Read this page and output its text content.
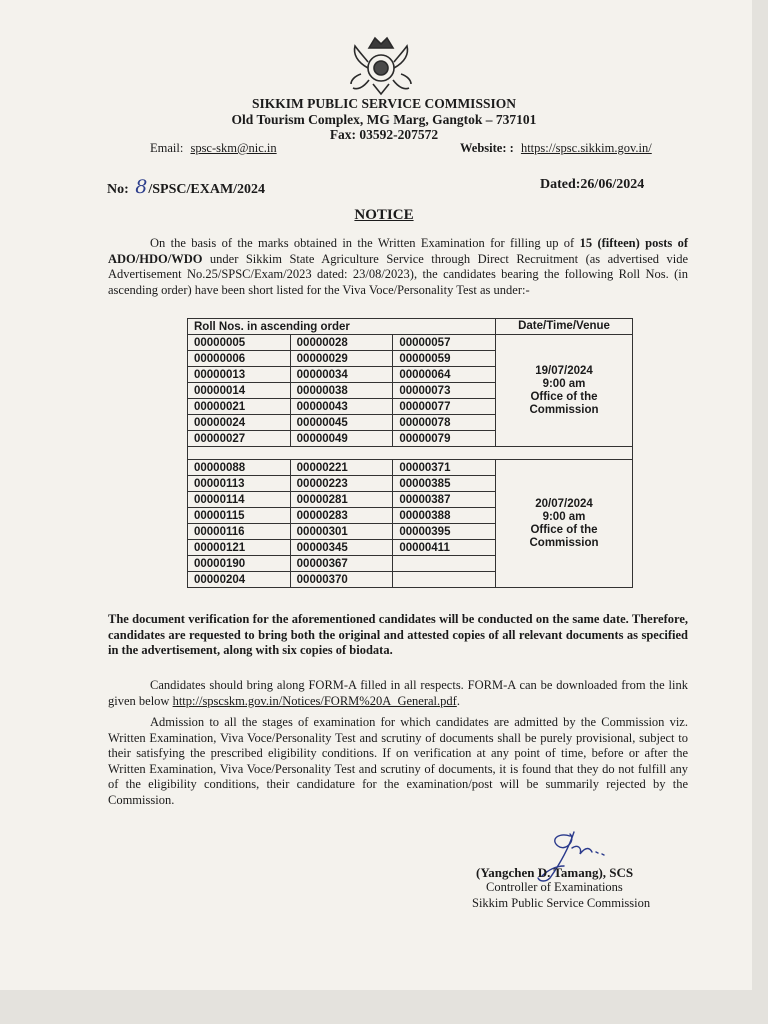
SIKKIM PUBLIC SERVICE COMMISSION
Old Tourism Complex, MG Marg, Gangtok – 737101
Fax: 03592-207572
Email: spsc-skm@nic.in	Website: : https://spsc.sikkim.gov.in/
No: 8/SPSC/EXAM/2024	Dated:26/06/2024
NOTICE
On the basis of the marks obtained in the Written Examination for filling up of 15 (fifteen) posts of ADO/HDO/WDO under Sikkim State Agriculture Service through Direct Recruitment (as advertised vide Advertisement No.25/SPSC/Exam/2023 dated: 23/08/2023), the candidates bearing the following Roll Nos. (in ascending order) have been short listed for the Viva Voce/Personality Test as under:-
Roll Nos. in ascending order			Date/Time/Venue
00000005	00000028	00000057	19/07/2024
9:00 am
Office of the Commission

00000006	00000029	00000059	
00000013	00000034	00000064	
00000014	00000038	00000073	
00000021	00000043	00000077	
00000024	00000045	00000078	
00000027	00000049	00000079	

00000088	00000221	00000371	20/07/2024
9:00 am
Office of the Commission

00000113	00000223	00000385	
00000114	00000281	00000387	
00000115	00000283	00000388	
00000116	00000301	00000395	
00000121	00000345	00000411	
00000190	00000367		
00000204	00000370		
The document verification for the aforementioned candidates will be conducted on the same date. Therefore, candidates are requested to bring both the original and attested copies of all relevant documents as specified in the advertisement, along with six copies of biodata.
Candidates should bring along FORM-A filled in all respects. FORM-A can be downloaded from the link given below http://spscskm.gov.in/Notices/FORM%20A_General.pdf.
Admission to all the stages of examination for which candidates are admitted by the Commission viz. Written Examination, Viva Voce/Personality Test and scrutiny of documents shall be purely provisional, subject to their satisfying the prescribed eligibility conditions. If on verification at any point of time, before or after the Written Examination, Viva Voce/Personality Test and scrutiny of documents, it is found that they do not fulfill any of the eligibility conditions, their candidature for the examination/post will be summarily rejected by the Commission.
(Yangchen D. Tamang), SCS
Controller of Examinations
Sikkim Public Service Commission
